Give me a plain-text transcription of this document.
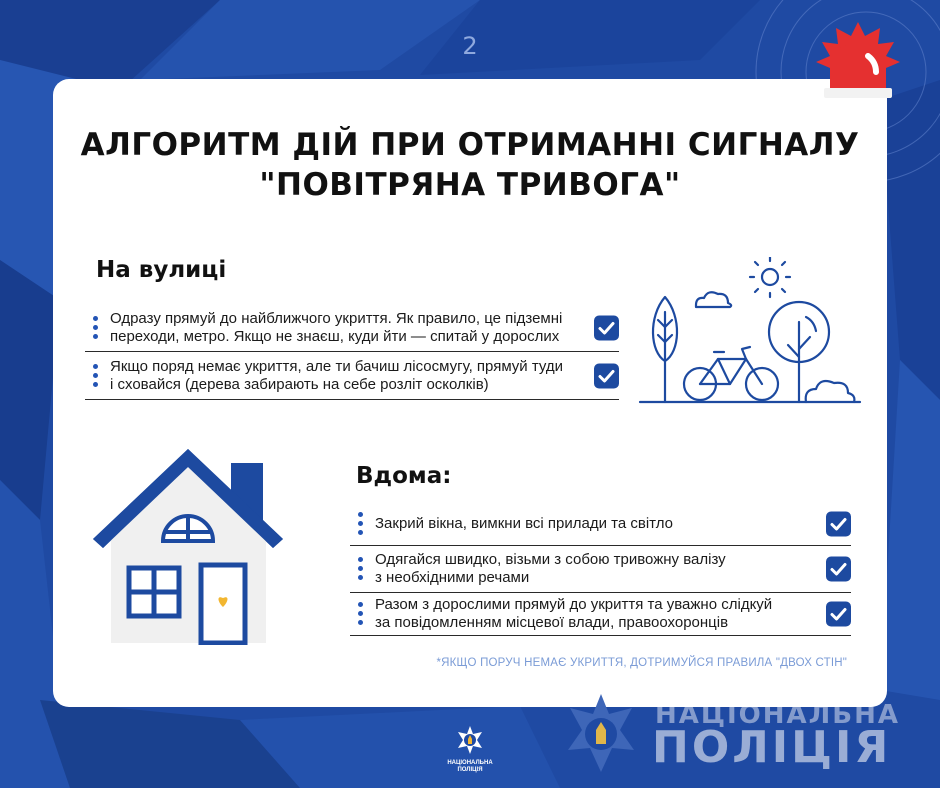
2
АЛГОРИТМ ДІЙ ПРИ ОТРИМАННІ СИГНАЛУ
"ПОВІТРЯНА ТРИВОГА"
На вулиці
Одразу прямуй до найближчого укриття. Як правило, це підземні
переходи, метро. Якщо не знаєш, куди йти — спитай у дорослих
Якщо поряд немає укриття, але ти бачиш лісосмугу, прямуй туди
і сховайся (дерева забирають на себе розліт осколків)
Вдома:
Закрий вікна, вимкни всі прилади та світло
Одягайся швидко, візьми з собою тривожну валізу
з необхідними речами
Разом з дорослими прямуй до укриття та уважно слідкуй
за повідомленням місцевої влади, правоохоронців
*ЯКЩО ПОРУЧ НЕМАЄ УКРИТТЯ, ДОТРИМУЙСЯ ПРАВИЛА "ДВОХ СТІН"
НАЦІОНАЛЬНА
ПОЛІЦІЯ
НАЦІОНАЛЬНА
ПОЛІЦІЯ
